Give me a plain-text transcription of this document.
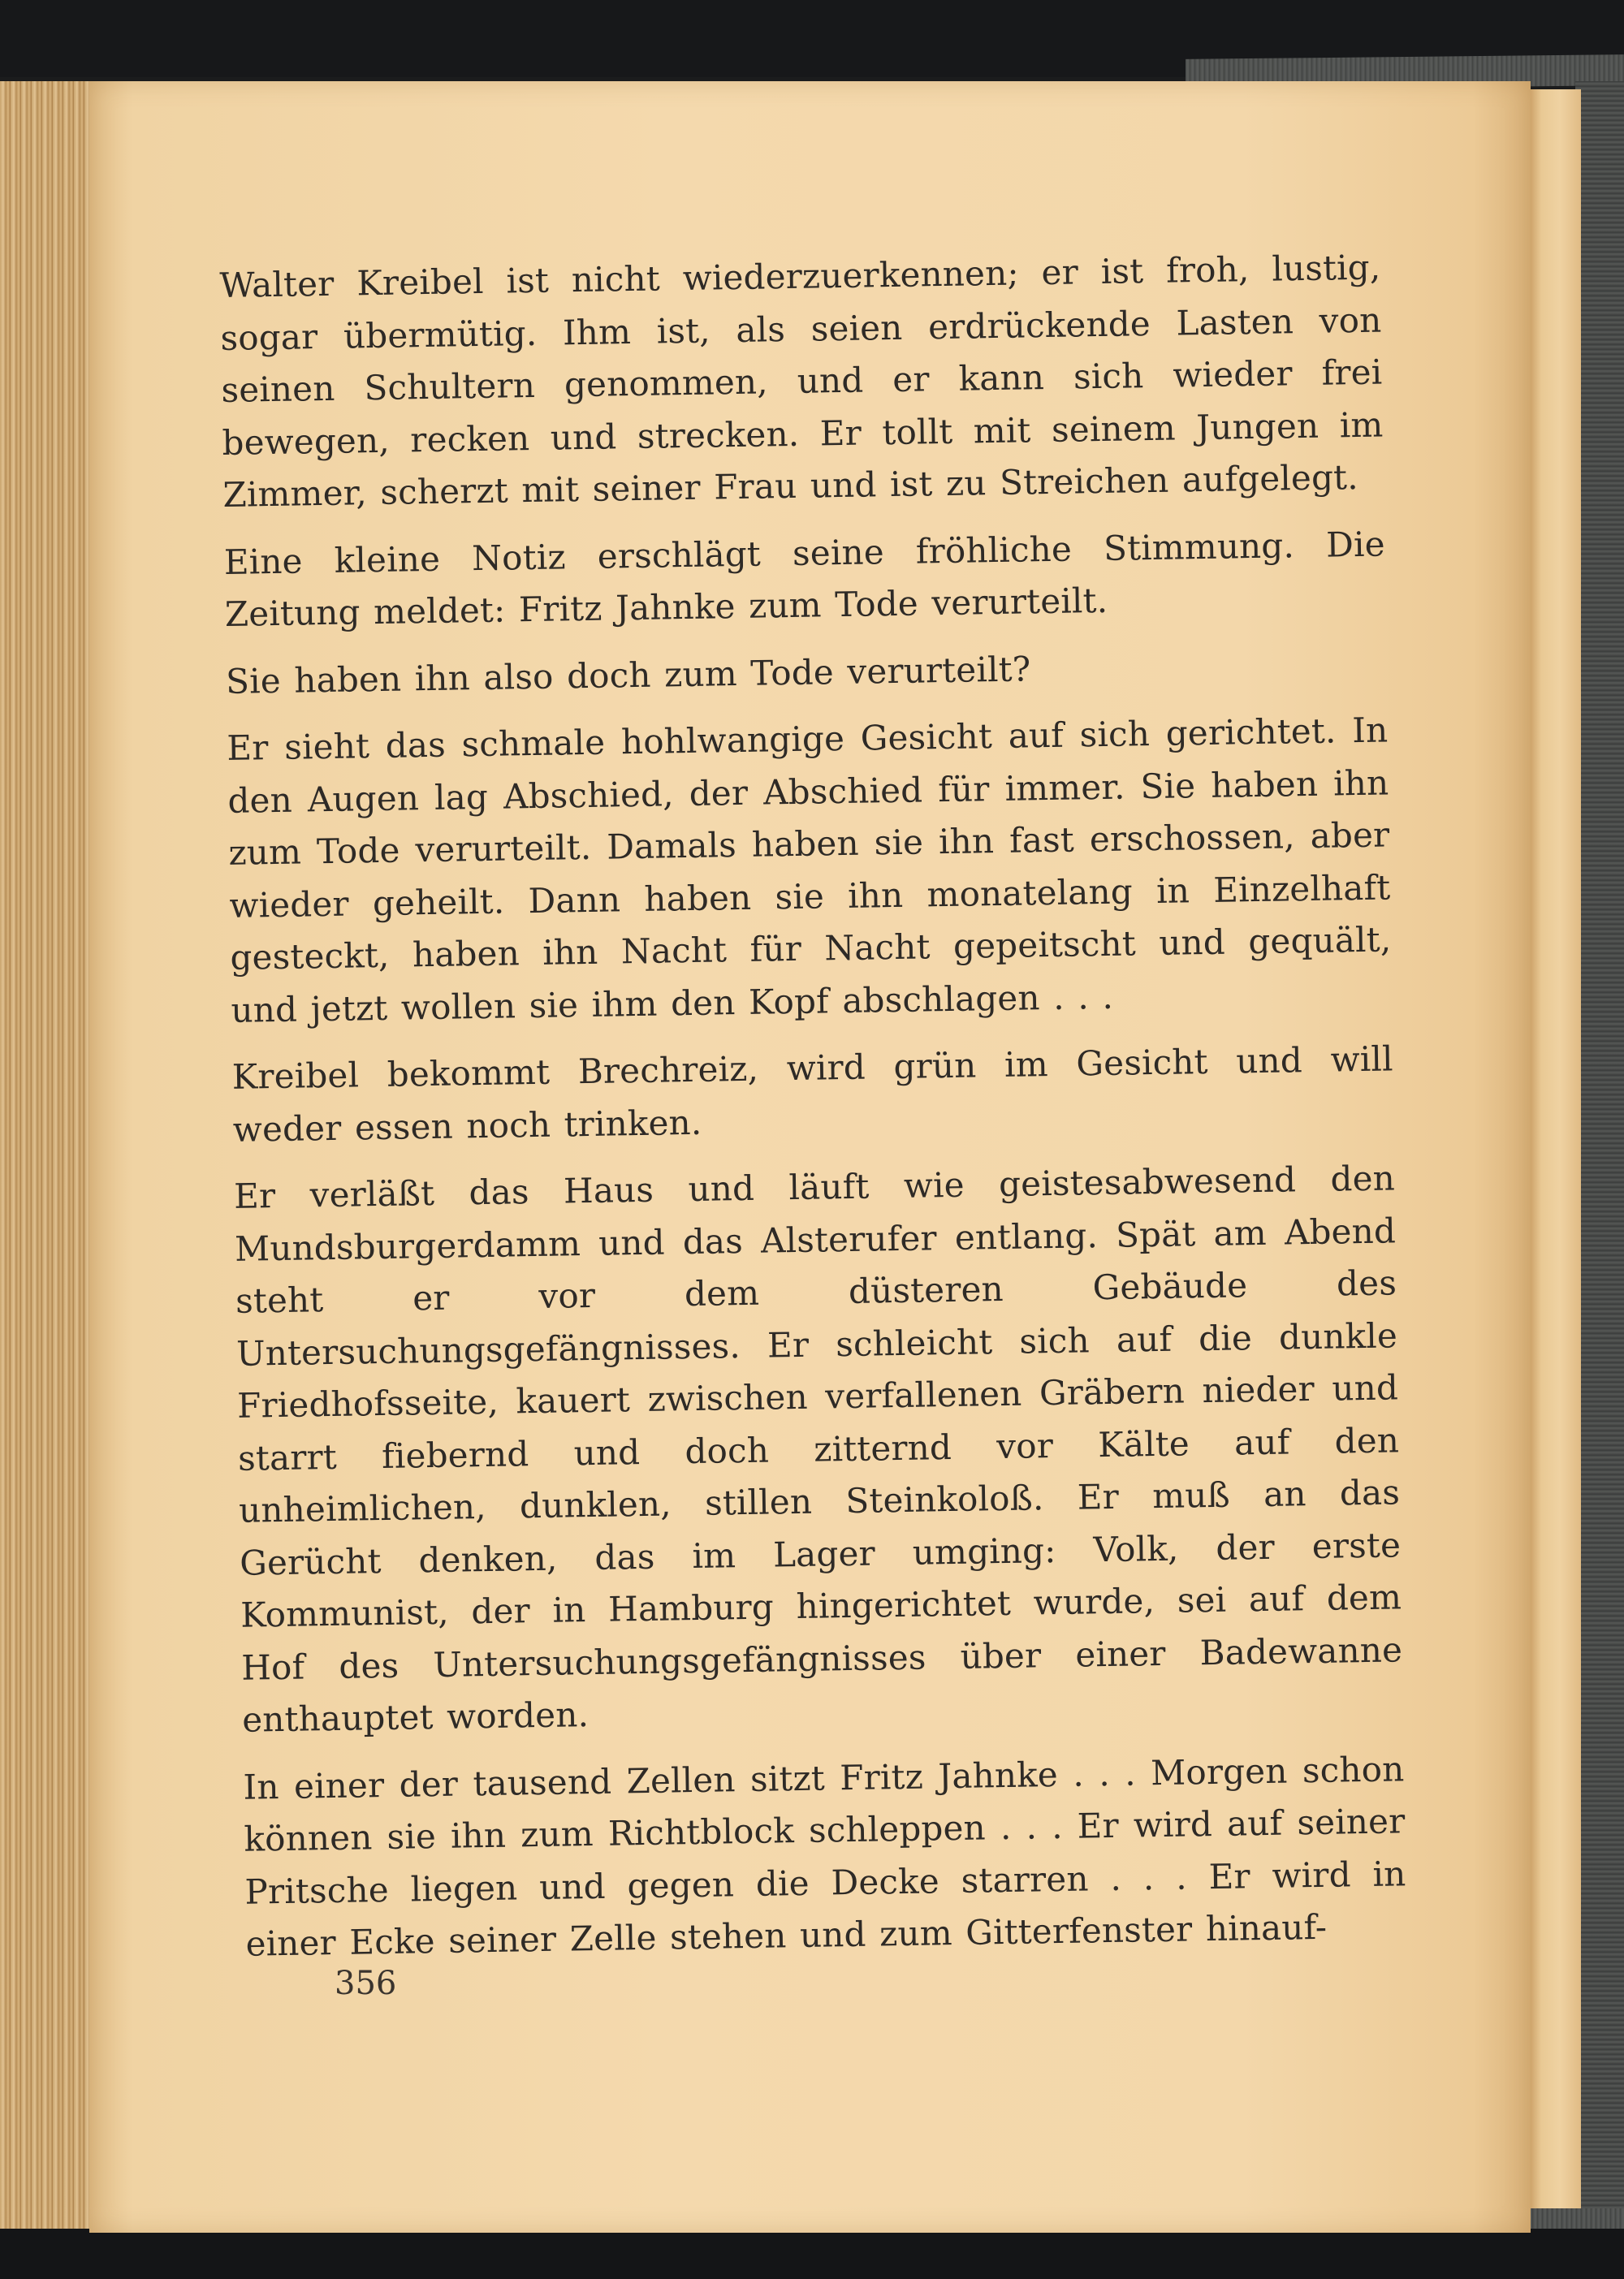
Walter Kreibel ist nicht wiederzuerkennen; er ist froh, lustig, sogar übermütig. Ihm ist, als seien erdrückende Lasten von seinen Schultern genommen, und er kann sich wieder frei bewegen, recken und strecken. Er tollt mit seinem Jungen im Zimmer, scherzt mit seiner Frau und ist zu Streichen aufgelegt.

Eine kleine Notiz erschlägt seine fröhliche Stimmung. Die Zeitung meldet: Fritz Jahnke zum Tode verurteilt.

Sie haben ihn also doch zum Tode verurteilt?

Er sieht das schmale hohlwangige Gesicht auf sich gerichtet. In den Augen lag Abschied, der Abschied für immer. Sie haben ihn zum Tode verurteilt. Damals haben sie ihn fast erschossen, aber wieder geheilt. Dann haben sie ihn monatelang in Einzelhaft gesteckt, haben ihn Nacht für Nacht gepeitscht und gequält, und jetzt wollen sie ihm den Kopf abschlagen . . .

Kreibel bekommt Brechreiz, wird grün im Gesicht und will weder essen noch trinken.

Er verläßt das Haus und läuft wie geistesabwesend den Mundsburgerdamm und das Alsterufer entlang. Spät am Abend steht er vor dem düsteren Gebäude des Untersuchungsgefängnisses. Er schleicht sich auf die dunkle Friedhofsseite, kauert zwischen verfallenen Gräbern nieder und starrt fiebernd und doch zitternd vor Kälte auf den unheimlichen, dunklen, stillen Steinkoloß. Er muß an das Gerücht denken, das im Lager umging: Volk, der erste Kommunist, der in Hamburg hingerichtet wurde, sei auf dem Hof des Untersuchungsgefängnisses über einer Badewanne enthauptet worden.

In einer der tausend Zellen sitzt Fritz Jahnke . . . Morgen schon können sie ihn zum Richtblock schleppen . . . Er wird auf seiner Pritsche liegen und gegen die Decke starren . . . Er wird in einer Ecke seiner Zelle stehen und zum Gitterfenster hinauf-

356
